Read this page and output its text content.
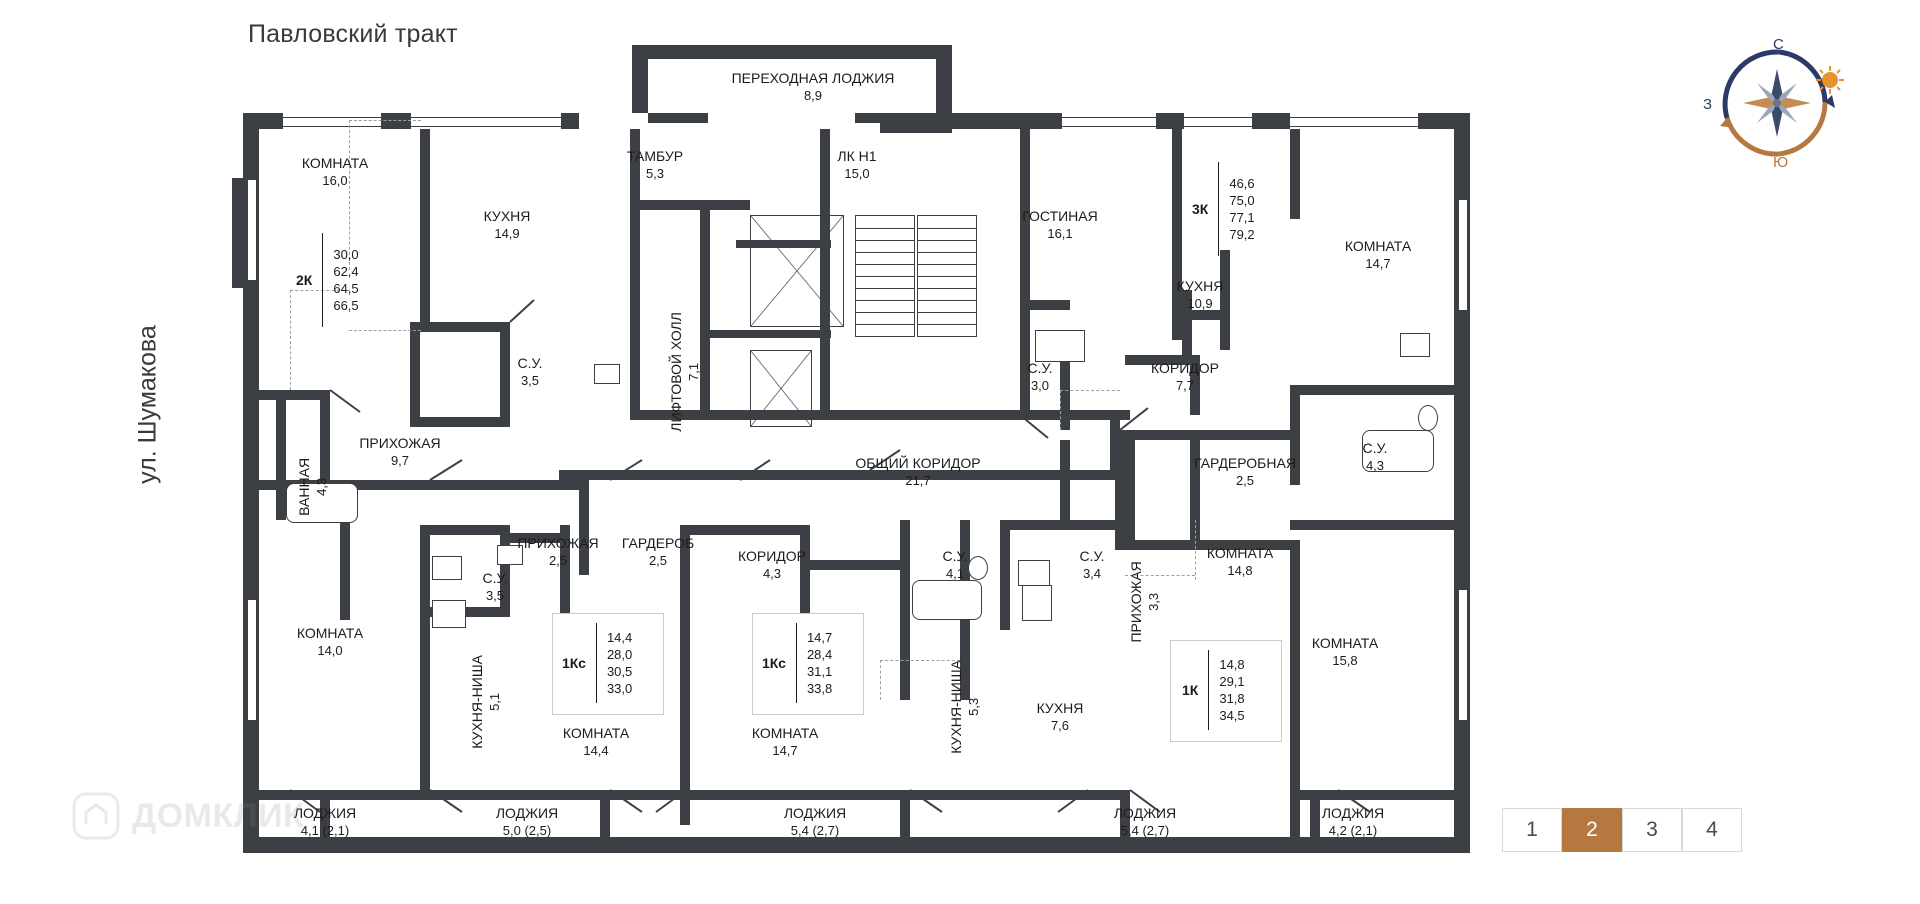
Павловский тракт
ул. Шумакова
ПЕРЕХОДНАЯ ЛОДЖИЯ
8,9
КОМНАТА
16,0
ТАМБУР
5,3
ЛК Н1
15,0
КУХНЯ
14,9
ГОСТИНАЯ
16,1
КОМНАТА
14,7
КУХНЯ
10,9
ЛИФТОВОЙ ХОЛЛ 7,1
С.У.
3,5
С.У.
3,0
КОРИДОР
7,7
ПРИХОЖАЯ
9,7
ВАННАЯ 4,3
С.У.
4,3
ОБЩИЙ КОРИДОР
21,7
ГАРДЕРОБНАЯ
2,5
ПРИХОЖАЯ
2,5
ГАРДЕРОБ
2,5	КОРИДОР
4,3
С.У.
4,1
С.У.
3,4	ПРИХОЖАЯ 3,3
КОМНАТА
14,8
С.У.
3,5
КОМНАТА
14,0
КУХНЯ-НИША 5,1
КОМНАТА
14,4
КОМНАТА
14,7	КУХНЯ-НИША 5,3	КУХНЯ
7,6
КОМНАТА
15,8
ЛОДЖИЯ
4,1 (2,1)
ЛОДЖИЯ
5,0 (2,5)
ЛОДЖИЯ
5,4 (2,7)
ЛОДЖИЯ
5,4 (2,7)
ЛОДЖИЯ
4,2 (2,1)
2К
30,0
62,4
64,5
66,5
3К
46,6
75,0
77,1
79,2
1Кс
14,4
28,0
30,5
33,0
1Кс
14,7
28,4
31,1
33,8	1К
14,8
29,1
31,8
34,5
С
Ю
З
1	2	3	4
ДОМКЛИК
